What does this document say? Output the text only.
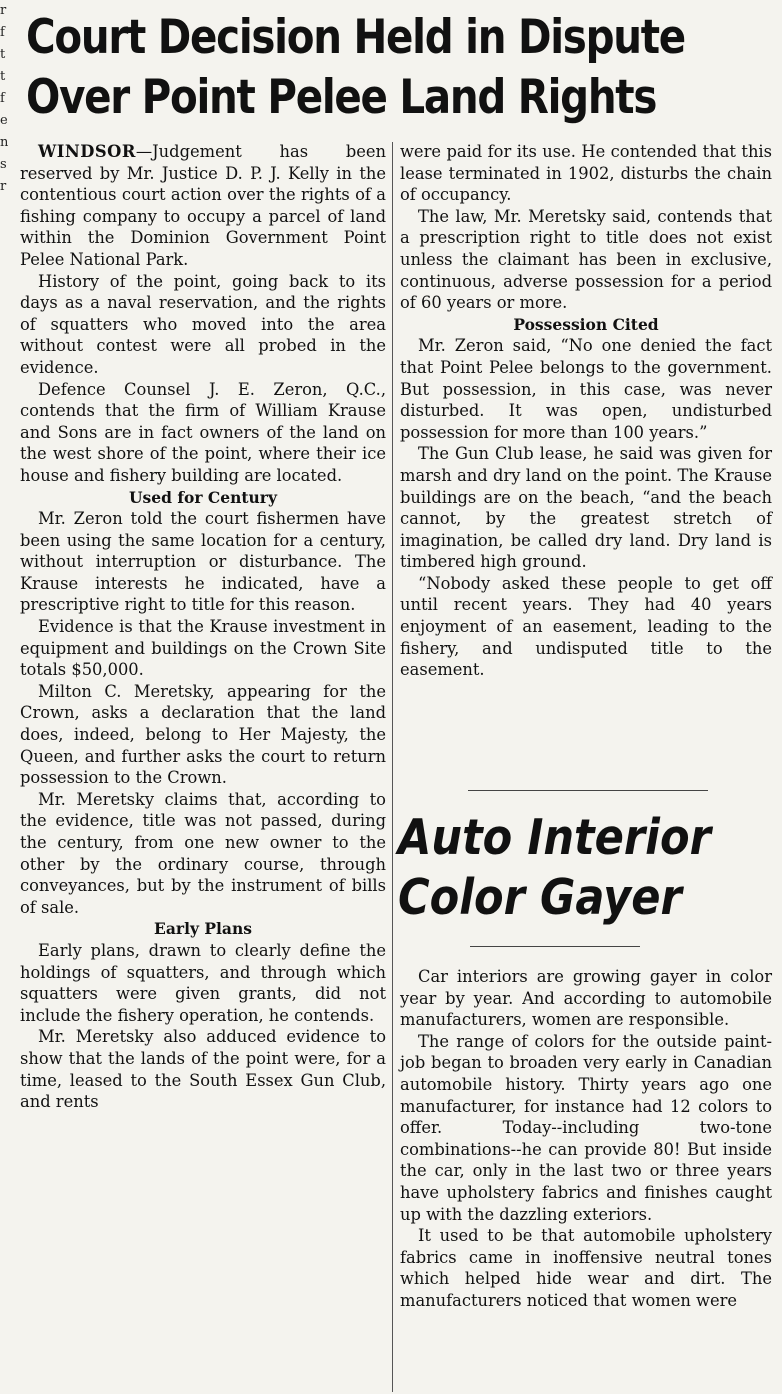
r
f
t
t
f
e
n
s
r
Court Decision Held in Dispute
Over Point Pelee Land Rights

WINDSOR—Judgement has been reserved by Mr. Justice D. P. J. Kelly in the contentious court action over the rights of a fishing company to occupy a parcel of land within the Dominion Government Point Pelee National Park.

History of the point, going back to its days as a naval reservation, and the rights of squatters who moved into the area without contest were all probed in the evidence.

Defence Counsel J. E. Zeron, Q.C., contends that the firm of William Krause and Sons are in fact owners of the land on the west shore of the point, where their ice house and fishery building are located.

Used for Century

Mr. Zeron told the court fishermen have been using the same location for a century, without interruption or disturbance. The Krause interests he indicated, have a prescriptive right to title for this reason.

Evidence is that the Krause investment in equipment and buildings on the Crown Site totals $50,000.

Milton C. Meretsky, appearing for the Crown, asks a declaration that the land does, indeed, belong to Her Majesty, the Queen, and further asks the court to return possession to the Crown.

Mr. Meretsky claims that, according to the evidence, title was not passed, during the century, from one new owner to the other by the ordinary course, through conveyances, but by the instrument of bills of sale.

Early Plans

Early plans, drawn to clearly define the holdings of squatters, and through which squatters were given grants, did not include the fishery operation, he contends.

Mr. Meretsky also adduced evidence to show that the lands of the point were, for a time, leased to the South Essex Gun Club, and rents

were paid for its use. He contended that this lease terminated in 1902, disturbs the chain of occupancy.

The law, Mr. Meretsky said, contends that a prescription right to title does not exist unless the claimant has been in exclusive, continuous, adverse possession for a period of 60 years or more.

Possession Cited

Mr. Zeron said, “No one denied the fact that Point Pelee belongs to the government. But possession, in this case, was never disturbed. It was open, undisturbed possession for more than 100 years.”

The Gun Club lease, he said was given for marsh and dry land on the point. The Krause buildings are on the beach, “and the beach cannot, by the greatest stretch of imagination, be called dry land. Dry land is timbered high ground.

“Nobody asked these people to get off until recent years. They had 40 years enjoyment of an easement, leading to the fishery, and undisputed title to the easement.

Auto Interior
Color Gayer

Car interiors are growing gayer in color year by year. And according to automobile manufacturers, women are responsible.

The range of colors for the outside paint-job began to broaden very early in Canadian automobile history. Thirty years ago one manufacturer, for instance had 12 colors to offer. Today--including two-tone combinations--he can provide 80! But inside the car, only in the last two or three years have upholstery fabrics and finishes caught up with the dazzling exteriors.

It used to be that automobile upholstery fabrics came in inoffensive neutral tones which helped hide wear and dirt. The manufacturers noticed that women were
